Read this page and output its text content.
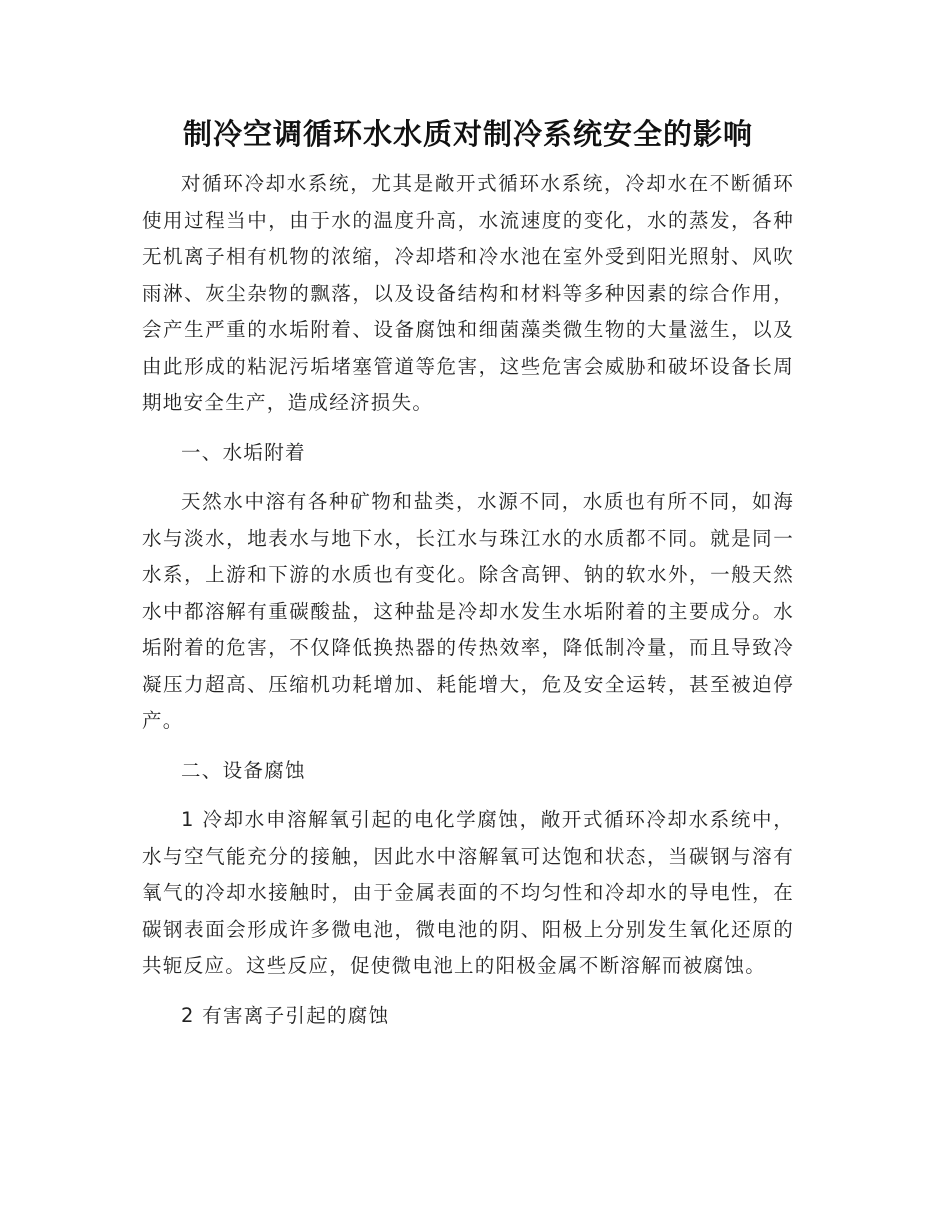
制冷空调循环水水质对制冷系统安全的影响

对循环冷却水系统，尤其是敞开式循环水系统，冷却水在不断循环使用过程当中，由于水的温度升高，水流速度的变化，水的蒸发，各种无机离子相有机物的浓缩，冷却塔和冷水池在室外受到阳光照射、风吹雨淋、灰尘杂物的飘落，以及设备结构和材料等多种因素的综合作用，会产生严重的水垢附着、设备腐蚀和细菌藻类微生物的大量滋生，以及由此形成的粘泥污垢堵塞管道等危害，这些危害会威胁和破坏设备长周期地安全生产，造成经济损失。

一、水垢附着

天然水中溶有各种矿物和盐类，水源不同，水质也有所不同，如海水与淡水，地表水与地下水，长江水与珠江水的水质都不同。就是同一水系，上游和下游的水质也有变化。除含高钾、钠的软水外，一般天然水中都溶解有重碳酸盐，这种盐是冷却水发生水垢附着的主要成分。水垢附着的危害，不仅降低换热器的传热效率，降低制冷量，而且导致冷凝压力超高、压缩机功耗增加、耗能增大，危及安全运转，甚至被迫停产。

二、设备腐蚀

1 冷却水申溶解氧引起的电化学腐蚀，敞开式循环冷却水系统中，水与空气能充分的接触，因此水中溶解氧可达饱和状态，当碳钢与溶有氧气的冷却水接触时，由于金属表面的不均匀性和冷却水的导电性，在碳钢表面会形成许多微电池，微电池的阴、阳极上分别发生氧化还原的共轭反应。这些反应，促使微电池上的阳极金属不断溶解而被腐蚀。

2 有害离子引起的腐蚀
